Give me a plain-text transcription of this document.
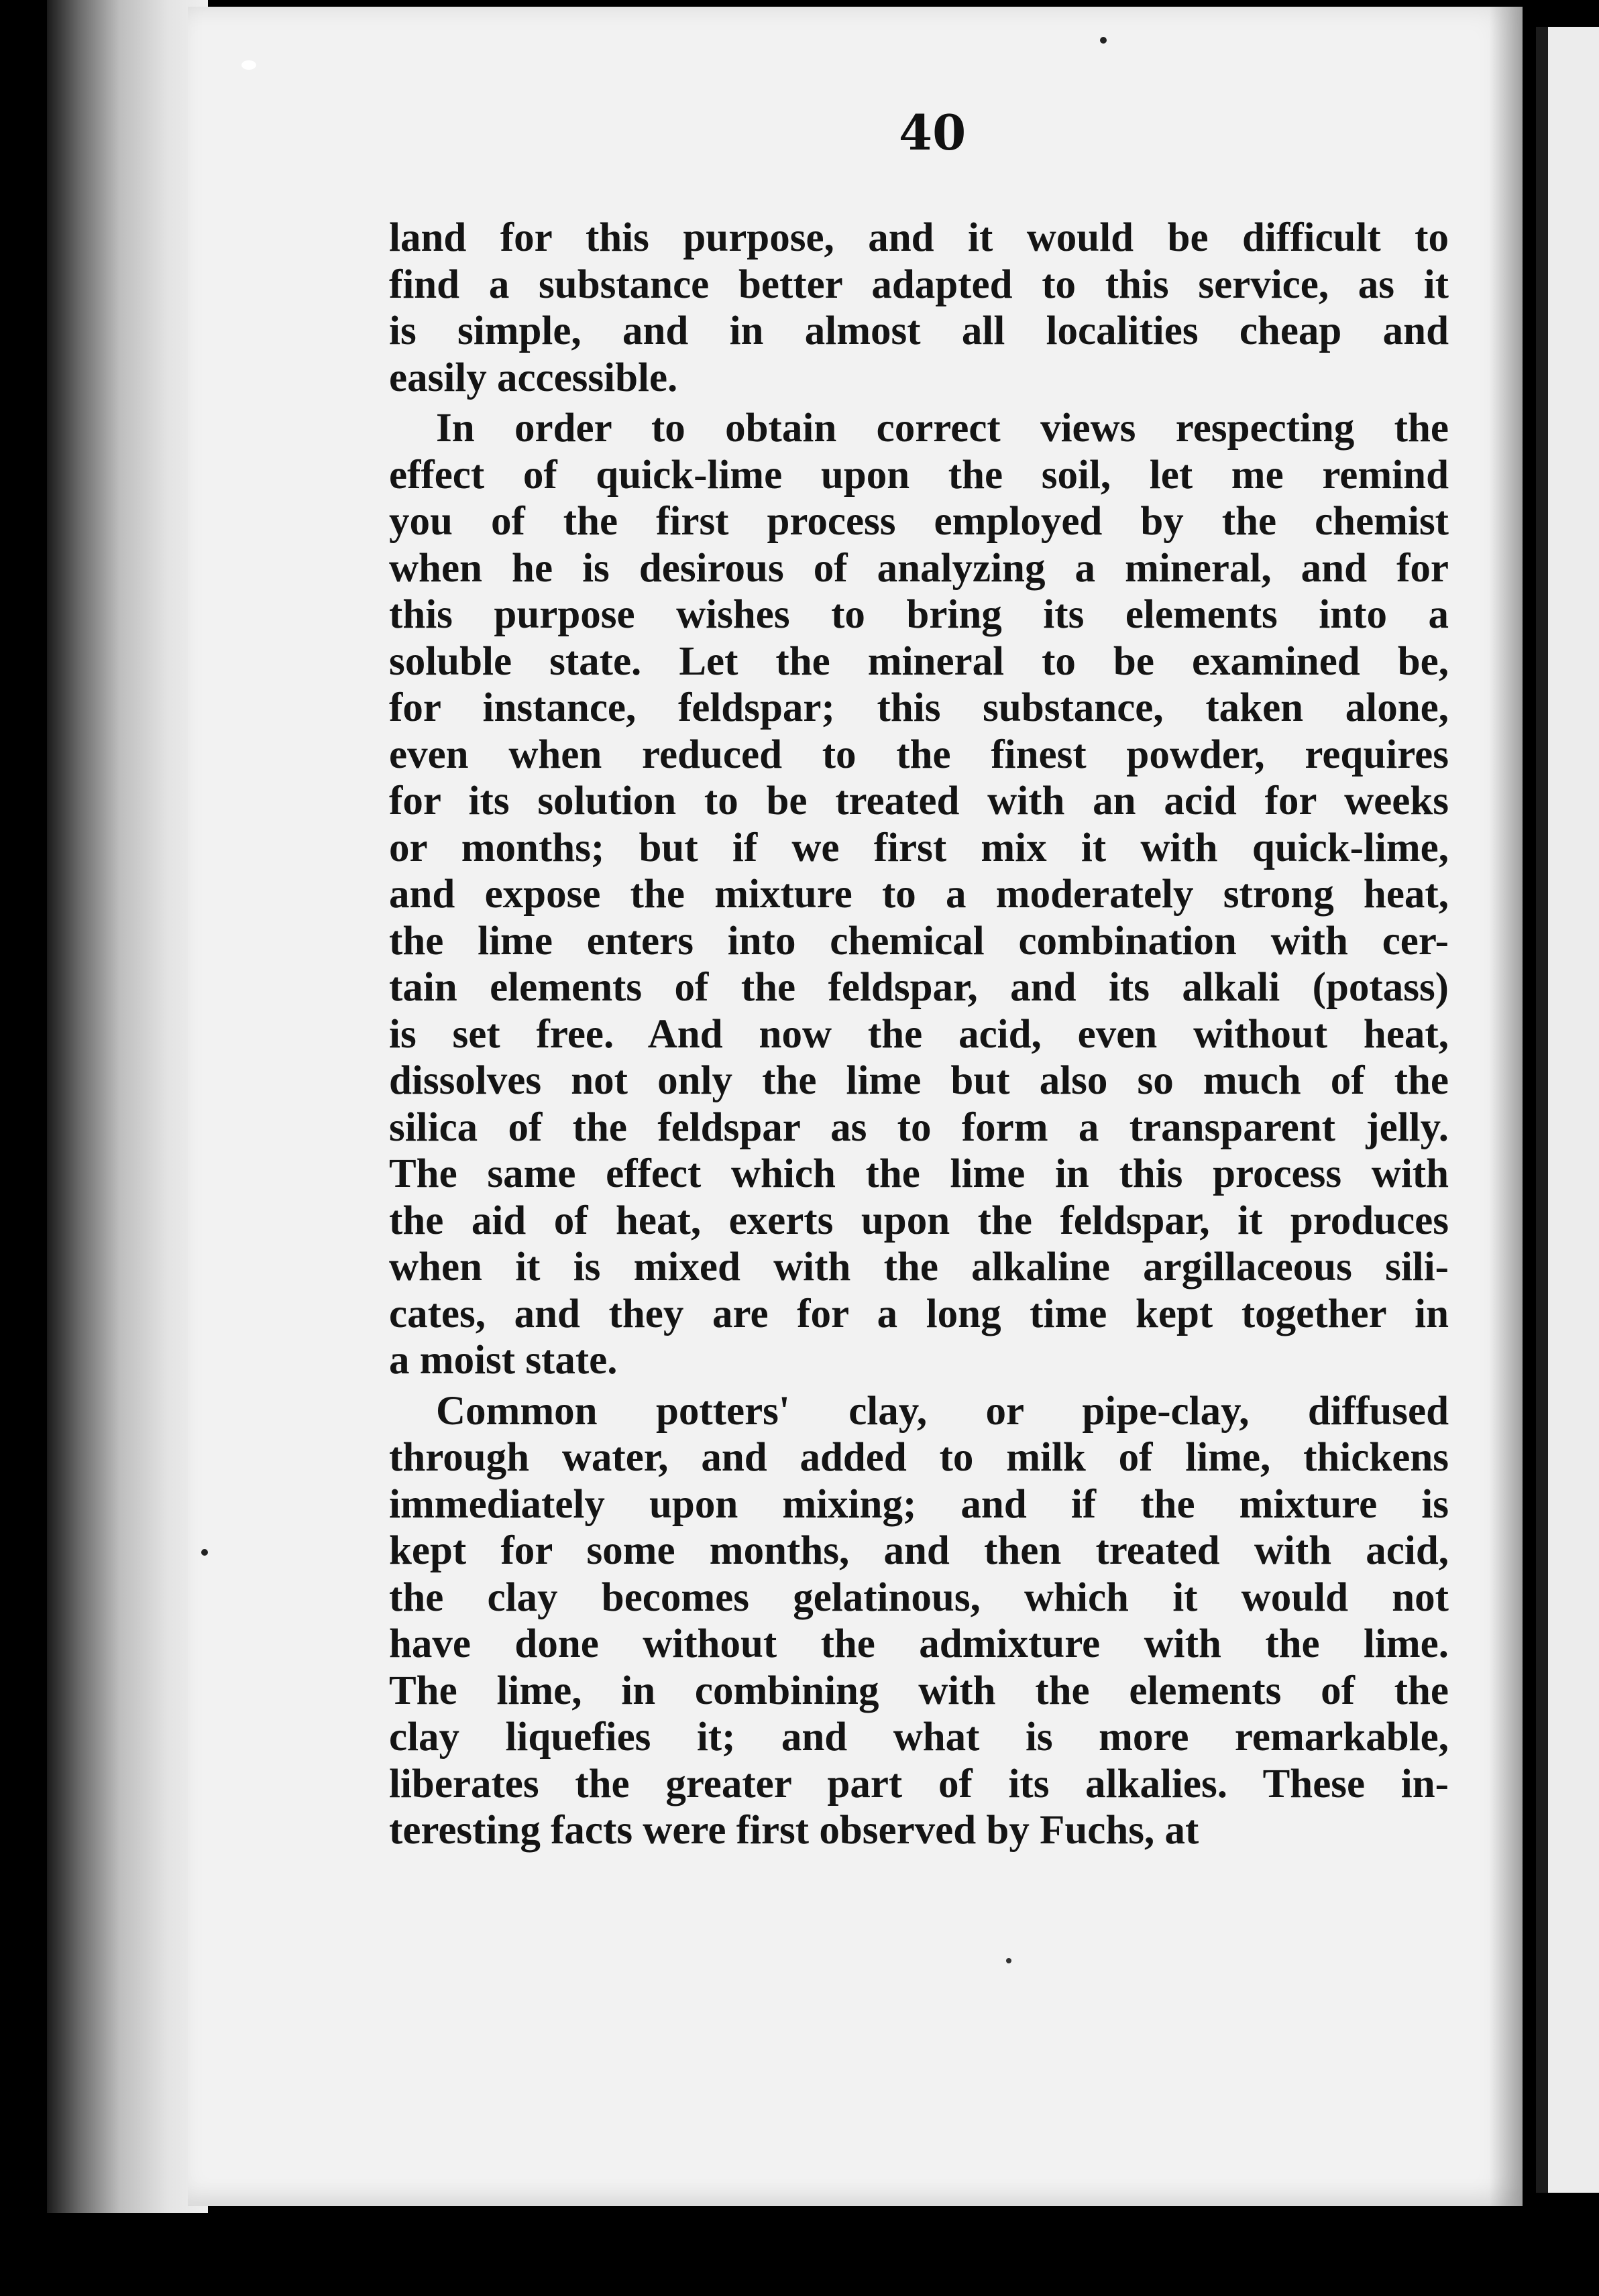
40
land for this purpose, and it would be difficult to
find a substance better adapted to this service, as it
is simple, and in almost all localities cheap and
easily accessible.
In order to obtain correct views respecting the
effect of quick-lime upon the soil, let me remind
you of the first process employed by the chemist
when he is desirous of analyzing a mineral, and for
this purpose wishes to bring its elements into a
soluble state. Let the mineral to be examined be,
for instance, feldspar; this substance, taken alone,
even when reduced to the finest powder, requires
for its solution to be treated with an acid for weeks
or months; but if we first mix it with quick-lime,
and expose the mixture to a moderately strong heat,
the lime enters into chemical combination with cer-
tain elements of the feldspar, and its alkali (potass)
is set free. And now the acid, even without heat,
dissolves not only the lime but also so much of the
silica of the feldspar as to form a transparent jelly.
The same effect which the lime in this process with
the aid of heat, exerts upon the feldspar, it produces
when it is mixed with the alkaline argillaceous sili-
cates, and they are for a long time kept together in
a moist state.
Common potters' clay, or pipe-clay, diffused
through water, and added to milk of lime, thickens
immediately upon mixing; and if the mixture is
kept for some months, and then treated with acid,
the clay becomes gelatinous, which it would not
have done without the admixture with the lime.
The lime, in combining with the elements of the
clay liquefies it; and what is more remarkable,
liberates the greater part of its alkalies. These in-
teresting facts were first observed by Fuchs, at
